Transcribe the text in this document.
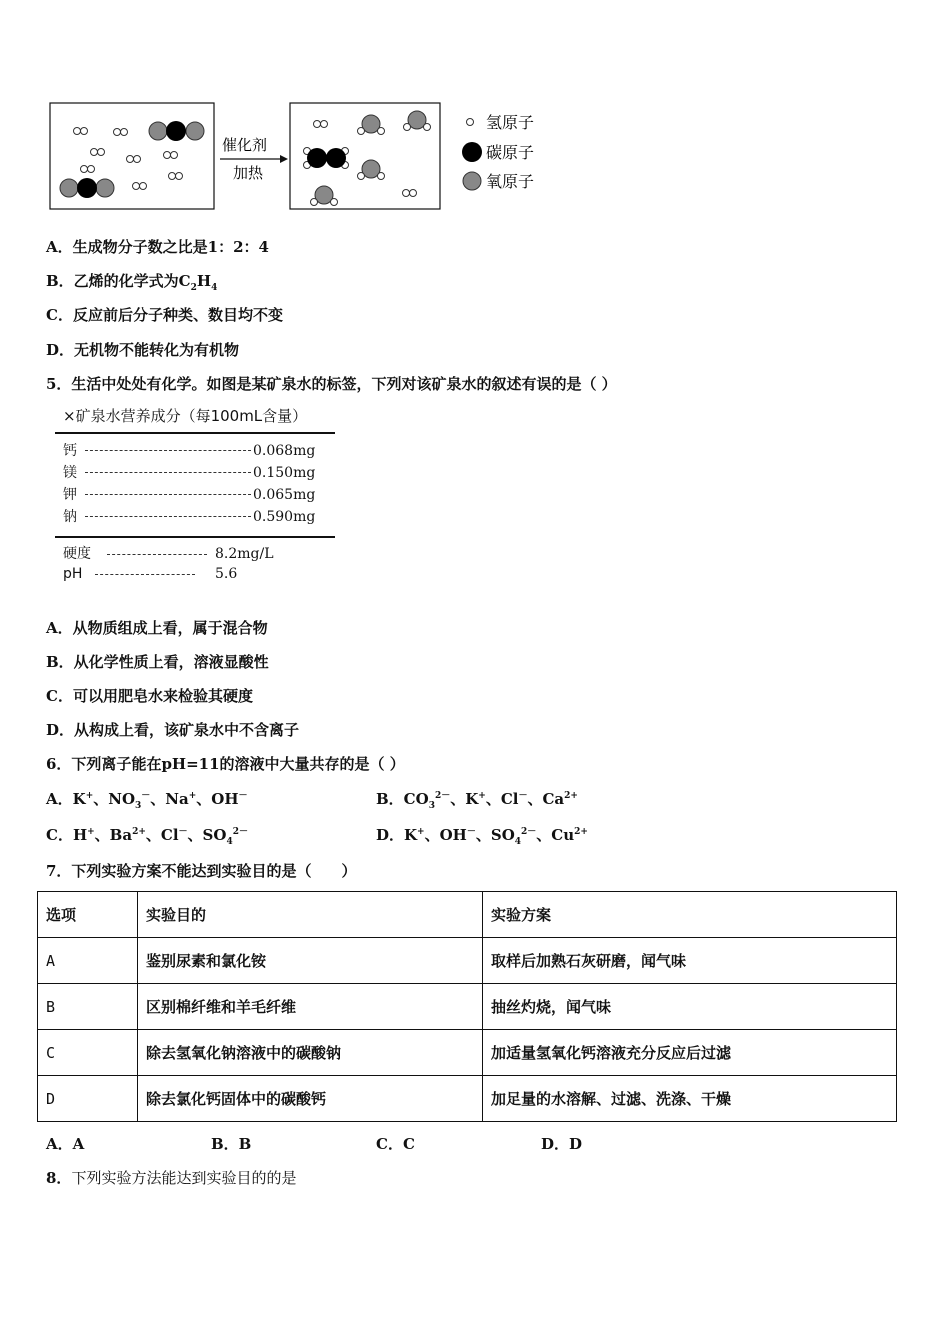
催化剂
加热
氢原子
碳原子
氧原子
A．生成物分子数之比是1：2：4
B．乙烯的化学式为$C_2H_4$
C．反应前后分子种类、数目均不变
D．无机物不能转化为有机物
5．生活中处处有化学。如图是某矿泉水的标签，下列对该矿泉水的叙述有误的是（ ）
×矿泉水营养成分（每100mL含量）
钙	0.068mg
镁	0.150mg
钾	0.065mg
钠	0.590mg
硬度	8.2mg/L
pH	5.6
A．从物质组成上看，属于混合物
B．从化学性质上看，溶液显酸性
C．可以用肥皂水来检验其硬度
D．从构成上看，该矿泉水中不含离子
6．下列离子能在pH=11的溶液中大量共存的是（ ）
A．K+、$NO_3^-$、Na+、OH－	B．$CO_3^{2-}$、K+、Cl－、$Ca^{2+}$
C．H+、$Ba^{2+}$、Cl－、$SO_4^{2-}$	D．K+、OH－、$SO_4^{2-}$、$Cu^{2+}$
7．下列实验方案不能达到实验目的是（　　）
选项	实验目的	实验方案
A	鉴别尿素和氯化铵	取样后加熟石灰研磨，闻气味
B	区别棉纤维和羊毛纤维	抽丝灼烧，闻气味
C	除去氢氧化钠溶液中的碳酸钠	加适量氢氧化钙溶液充分反应后过滤
D	除去氯化钙固体中的碳酸钙	加足量的水溶解、过滤、洗涤、干燥
A．A	B．B	C．C	D．D
8．下列实验方法能达到实验目的的是
